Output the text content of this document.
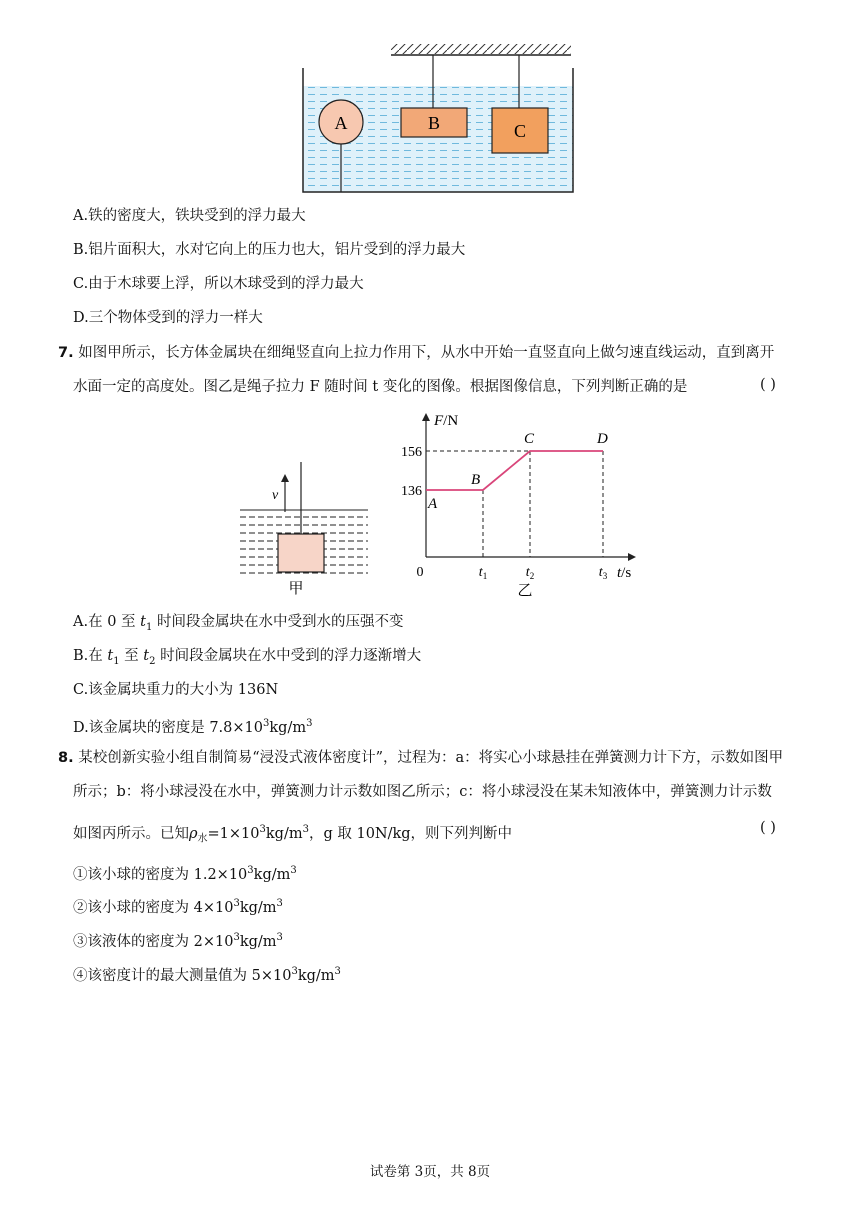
A	B	C
A.铁的密度大，铁块受到的浮力最大
B.铝片面积大，水对它向上的压力也大，铝片受到的浮力最大
C.由于木球要上浮，所以木球受到的浮力最大
D.三个物体受到的浮力一样大
7. 如图甲所示，长方体金属块在细绳竖直向上拉力作用下，从水中开始一直竖直向上做匀速直线运动，直到离开
水面一定的高度处。图乙是绳子拉力 F 随时间 t 变化的图像。根据图像信息，下列判断正确的是	( )
v
甲
F/N
t/s
0
136
156
$t_1$	$t_2$	$t_3$
A
B
C	D
乙
A.在 0 至 $t_1$ 时间段金属块在水中受到水的压强不变
B.在 $t_1$ 至 $t_2$ 时间段金属块在水中受到的浮力逐渐增大
C.该金属块重力的大小为 136N
D.该金属块的密度是 $7.8\times 10^3kg/m^3$
8. 某校创新实验小组自制简易“浸没式液体密度计”，过程为：a：将实心小球悬挂在弹簧测力计下方，示数如图甲
所示；b：将小球浸没在水中，弹簧测力计示数如图乙所示；c：将小球浸没在某未知液体中，弹簧测力计示数
如图丙所示。已知$\rho_水=1\times 10^3kg/m^3$，g 取 10N/kg，则下列判断中	( )
①该小球的密度为 $1.2\times 10^3kg/m^3$
②该小球的密度为 $4\times 10^3kg/m^3$
③该液体的密度为 $2\times 10^3kg/m^3$
④该密度计的最大测量值为 $5\times 10^3kg/m^3$
试卷第 3页，共 8页
